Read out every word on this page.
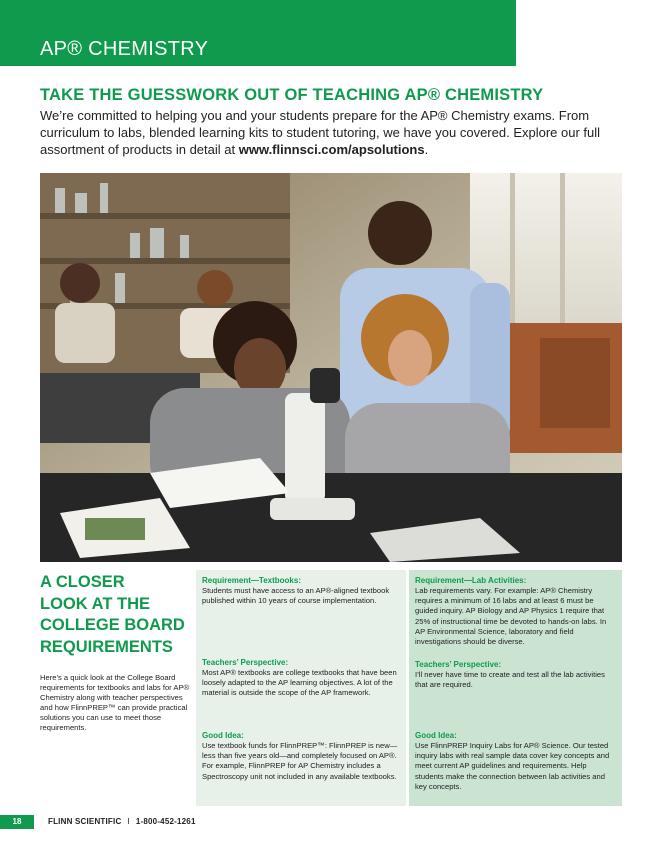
AP® CHEMISTRY
TAKE THE GUESSWORK OUT OF TEACHING AP® CHEMISTRY
We’re committed to helping you and your students prepare for the AP® Chemistry exams. From curriculum to labs, blended learning kits to student tutoring, we have you covered. Explore our full assortment of products in detail at www.flinnsci.com/apsolutions.
A CLOSER
LOOK AT THE
COLLEGE BOARD
REQUIREMENTS
Here’s a quick look at the College Board requirements for textbooks and labs for AP® Chemistry along with teacher perspectives and how FlinnPREP™ can provide practical solutions you can use to meet those requirements.
Requirement—Textbooks:
Students must have access to an AP®-aligned textbook published within 10 years of course implementation.
Teachers’ Perspective:
Most AP® textbooks are college textbooks that have been loosely adapted to the AP learning objectives. A lot of the material is outside the scope of the AP framework.
Good Idea:
Use textbook funds for FlinnPREP™: FlinnPREP is new—less than five years old—and completely focused on AP®. For example, FlinnPREP for AP Chemistry includes a Spectroscopy unit not included in any available textbooks.
Requirement—Lab Activities:
Lab requirements vary. For example: AP® Chemistry requires a minimum of 16 labs and at least 6 must be guided inquiry. AP Biology and AP Physics 1 require that 25% of instructional time be devoted to hands-on labs. In AP Environmental Science, laboratory and field investigations should be diverse.
Teachers’ Perspective:
I’ll never have time to create and test all the lab activities that are required.
Good Idea:
Use FlinnPREP Inquiry Labs for AP® Science. Our tested inquiry labs with real sample data cover key concepts and meet current AP guidelines and requirements. Help students make the connection between lab activities and key concepts.
18	FLINN SCIENTIFIC I 1-800-452-1261
